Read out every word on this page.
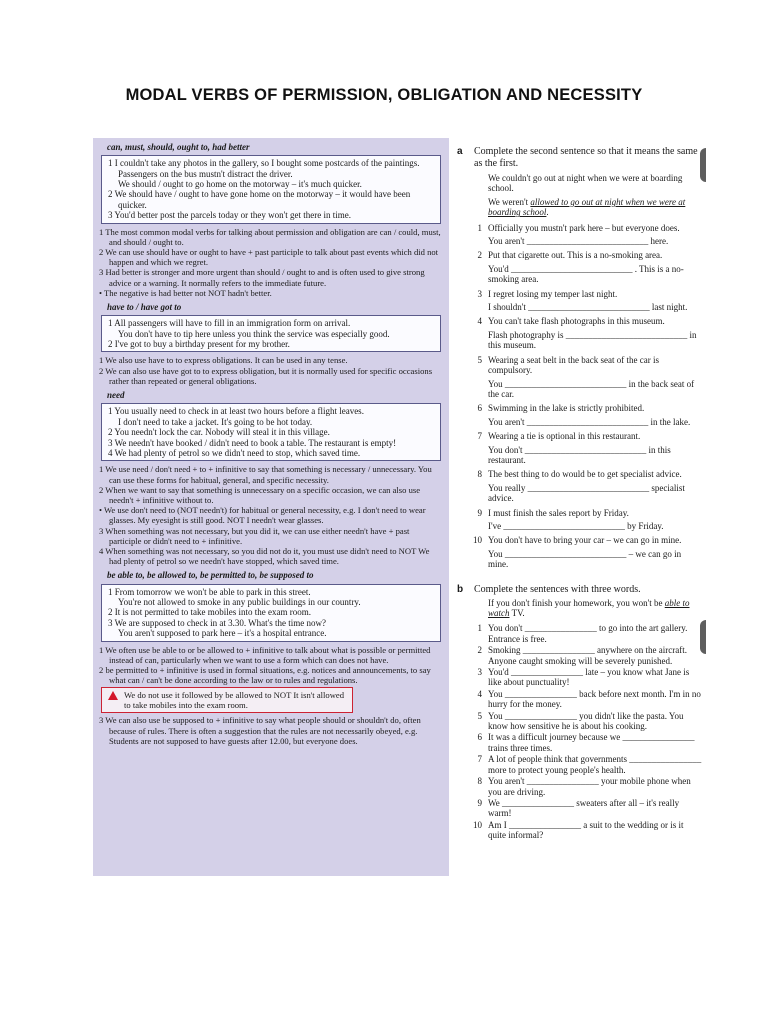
MODAL VERBS OF PERMISSION, OBLIGATION AND NECESSITY
can, must, should, ought to, had better

1 I couldn't take any photos in the gallery, so I bought some postcards of the paintings.

Passengers on the bus mustn't distract the driver.

We should / ought to go home on the motorway – it's much quicker.

2 We should have / ought to have gone home on the motorway – it would have been quicker.

3 You'd better post the parcels today or they won't get there in time.

1 The most common modal verbs for talking about permission and obligation are can / could, must, and should / ought to.

2 We can use should have or ought to have + past participle to talk about past events which did not happen and which we regret.

3 Had better is stronger and more urgent than should / ought to and is often used to give strong advice or a warning. It normally refers to the immediate future.

• The negative is had better not NOT hadn't better.

have to / have got to

1 All passengers will have to fill in an immigration form on arrival.

You don't have to tip here unless you think the service was especially good.

2 I've got to buy a birthday present for my brother.

1 We also use have to to express obligations. It can be used in any tense.

2 We can also use have got to to express obligation, but it is normally used for specific occasions rather than repeated or general obligations.

need

1 You usually need to check in at least two hours before a flight leaves.

I don't need to take a jacket. It's going to be hot today.

2 You needn't lock the car. Nobody will steal it in this village.

3 We needn't have booked / didn't need to book a table. The restaurant is empty!

4 We had plenty of petrol so we didn't need to stop, which saved time.

1 We use need / don't need + to + infinitive to say that something is necessary / unnecessary. You can use these forms for habitual, general, and specific necessity.

2 When we want to say that something is unnecessary on a specific occasion, we can also use needn't + infinitive without to.

• We use don't need to (NOT needn't) for habitual or general necessity, e.g. I don't need to wear glasses. My eyesight is still good. NOT I needn't wear glasses.

3 When something was not necessary, but you did it, we can use either needn't have + past participle or didn't need to + infinitive.

4 When something was not necessary, so you did not do it, you must use didn't need to NOT We had plenty of petrol so we needn't have stopped, which saved time.

be able to, be allowed to, be permitted to, be supposed to

1 From tomorrow we won't be able to park in this street.

You're not allowed to smoke in any public buildings in our country.

2 It is not permitted to take mobiles into the exam room.

3 We are supposed to check in at 3.30. What's the time now?

You aren't supposed to park here – it's a hospital entrance.

1 We often use be able to or be allowed to + infinitive to talk about what is possible or permitted instead of can, particularly when we want to use a form which can does not have.

2 be permitted to + infinitive is used in formal situations, e.g. notices and announcements, to say what can / can't be done according to the law or to rules and regulations.

We do not use it followed by be allowed to NOT It isn't allowed to take mobiles into the exam room.

3 We can also use be supposed to + infinitive to say what people should or shouldn't do, often because of rules. There is often a suggestion that the rules are not necessarily obeyed, e.g. Students are not supposed to have guests after 12.00, but everyone does.

a	Complete the second sentence so that it means the same as the first.

We couldn't go out at night when we were at boarding school.

We weren't allowed to go out at night when we were at boarding school.

1 Officially you mustn't park here – but everyone does.

You aren't ___________________________ here.

2 Put that cigarette out. This is a no-smoking area.

You'd ___________________________ . This is a no-smoking area.

3 I regret losing my temper last night.

I shouldn't ___________________________ last night.

4 You can't take flash photographs in this museum.

Flash photography is ___________________________ in this museum.

5 Wearing a seat belt in the back seat of the car is compulsory.

You ___________________________ in the back seat of the car.

6 Swimming in the lake is strictly prohibited.

You aren't ___________________________ in the lake.

7 Wearing a tie is optional in this restaurant.

You don't ___________________________ in this restaurant.

8 The best thing to do would be to get specialist advice.

You really ___________________________ specialist advice.

9 I must finish the sales report by Friday.

I've ___________________________ by Friday.

10 You don't have to bring your car – we can go in mine.

You ___________________________ – we can go in mine.

b	Complete the sentences with three words.

If you don't finish your homework, you won't be able to watch TV.

1 You don't ________________ to go into the art gallery. Entrance is free.

2 Smoking ________________ anywhere on the aircraft. Anyone caught smoking will be severely punished.

3 You'd ________________ late – you know what Jane is like about punctuality!

4 You ________________ back before next month. I'm in no hurry for the money.

5 You ________________ you didn't like the pasta. You know how sensitive he is about his cooking.

6 It was a difficult journey because we ________________ trains three times.

7 A lot of people think that governments ________________ more to protect young people's health.

8 You aren't ________________ your mobile phone when you are driving.

9 We ________________ sweaters after all – it's really warm!

10 Am I ________________ a suit to the wedding or is it quite informal?
